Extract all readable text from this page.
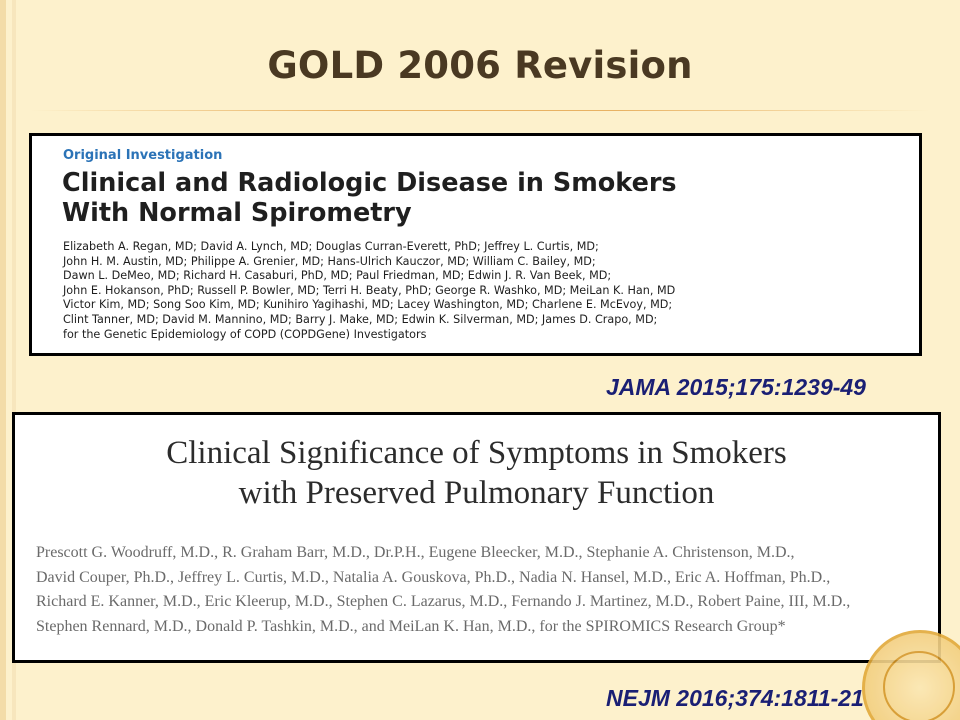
GOLD 2006 Revision
Original Investigation
Clinical and Radiologic Disease in Smokers
With Normal Spirometry
Elizabeth A. Regan, MD; David A. Lynch, MD; Douglas Curran-Everett, PhD; Jeffrey L. Curtis, MD;
John H. M. Austin, MD; Philippe A. Grenier, MD; Hans-Ulrich Kauczor, MD; William C. Bailey, MD;
Dawn L. DeMeo, MD; Richard H. Casaburi, PhD, MD; Paul Friedman, MD; Edwin J. R. Van Beek, MD;
John E. Hokanson, PhD; Russell P. Bowler, MD; Terri H. Beaty, PhD; George R. Washko, MD; MeiLan K. Han, MD
Victor Kim, MD; Song Soo Kim, MD; Kunihiro Yagihashi, MD; Lacey Washington, MD; Charlene E. McEvoy, MD;
Clint Tanner, MD; David M. Mannino, MD; Barry J. Make, MD; Edwin K. Silverman, MD; James D. Crapo, MD;
for the Genetic Epidemiology of COPD (COPDGene) Investigators
JAMA 2015;175:1239-49
Clinical Significance of Symptoms in Smokers
with Preserved Pulmonary Function
Prescott G. Woodruff, M.D., R. Graham Barr, M.D., Dr.P.H., Eugene Bleecker, M.D., Stephanie A. Christenson, M.D.,
David Couper, Ph.D., Jeffrey L. Curtis, M.D., Natalia A. Gouskova, Ph.D., Nadia N. Hansel, M.D., Eric A. Hoffman, Ph.D.,
Richard E. Kanner, M.D., Eric Kleerup, M.D., Stephen C. Lazarus, M.D., Fernando J. Martinez, M.D., Robert Paine, III, M.D.,
Stephen Rennard, M.D., Donald P. Tashkin, M.D., and MeiLan K. Han, M.D., for the SPIROMICS Research Group*
NEJM 2016;374:1811-21
